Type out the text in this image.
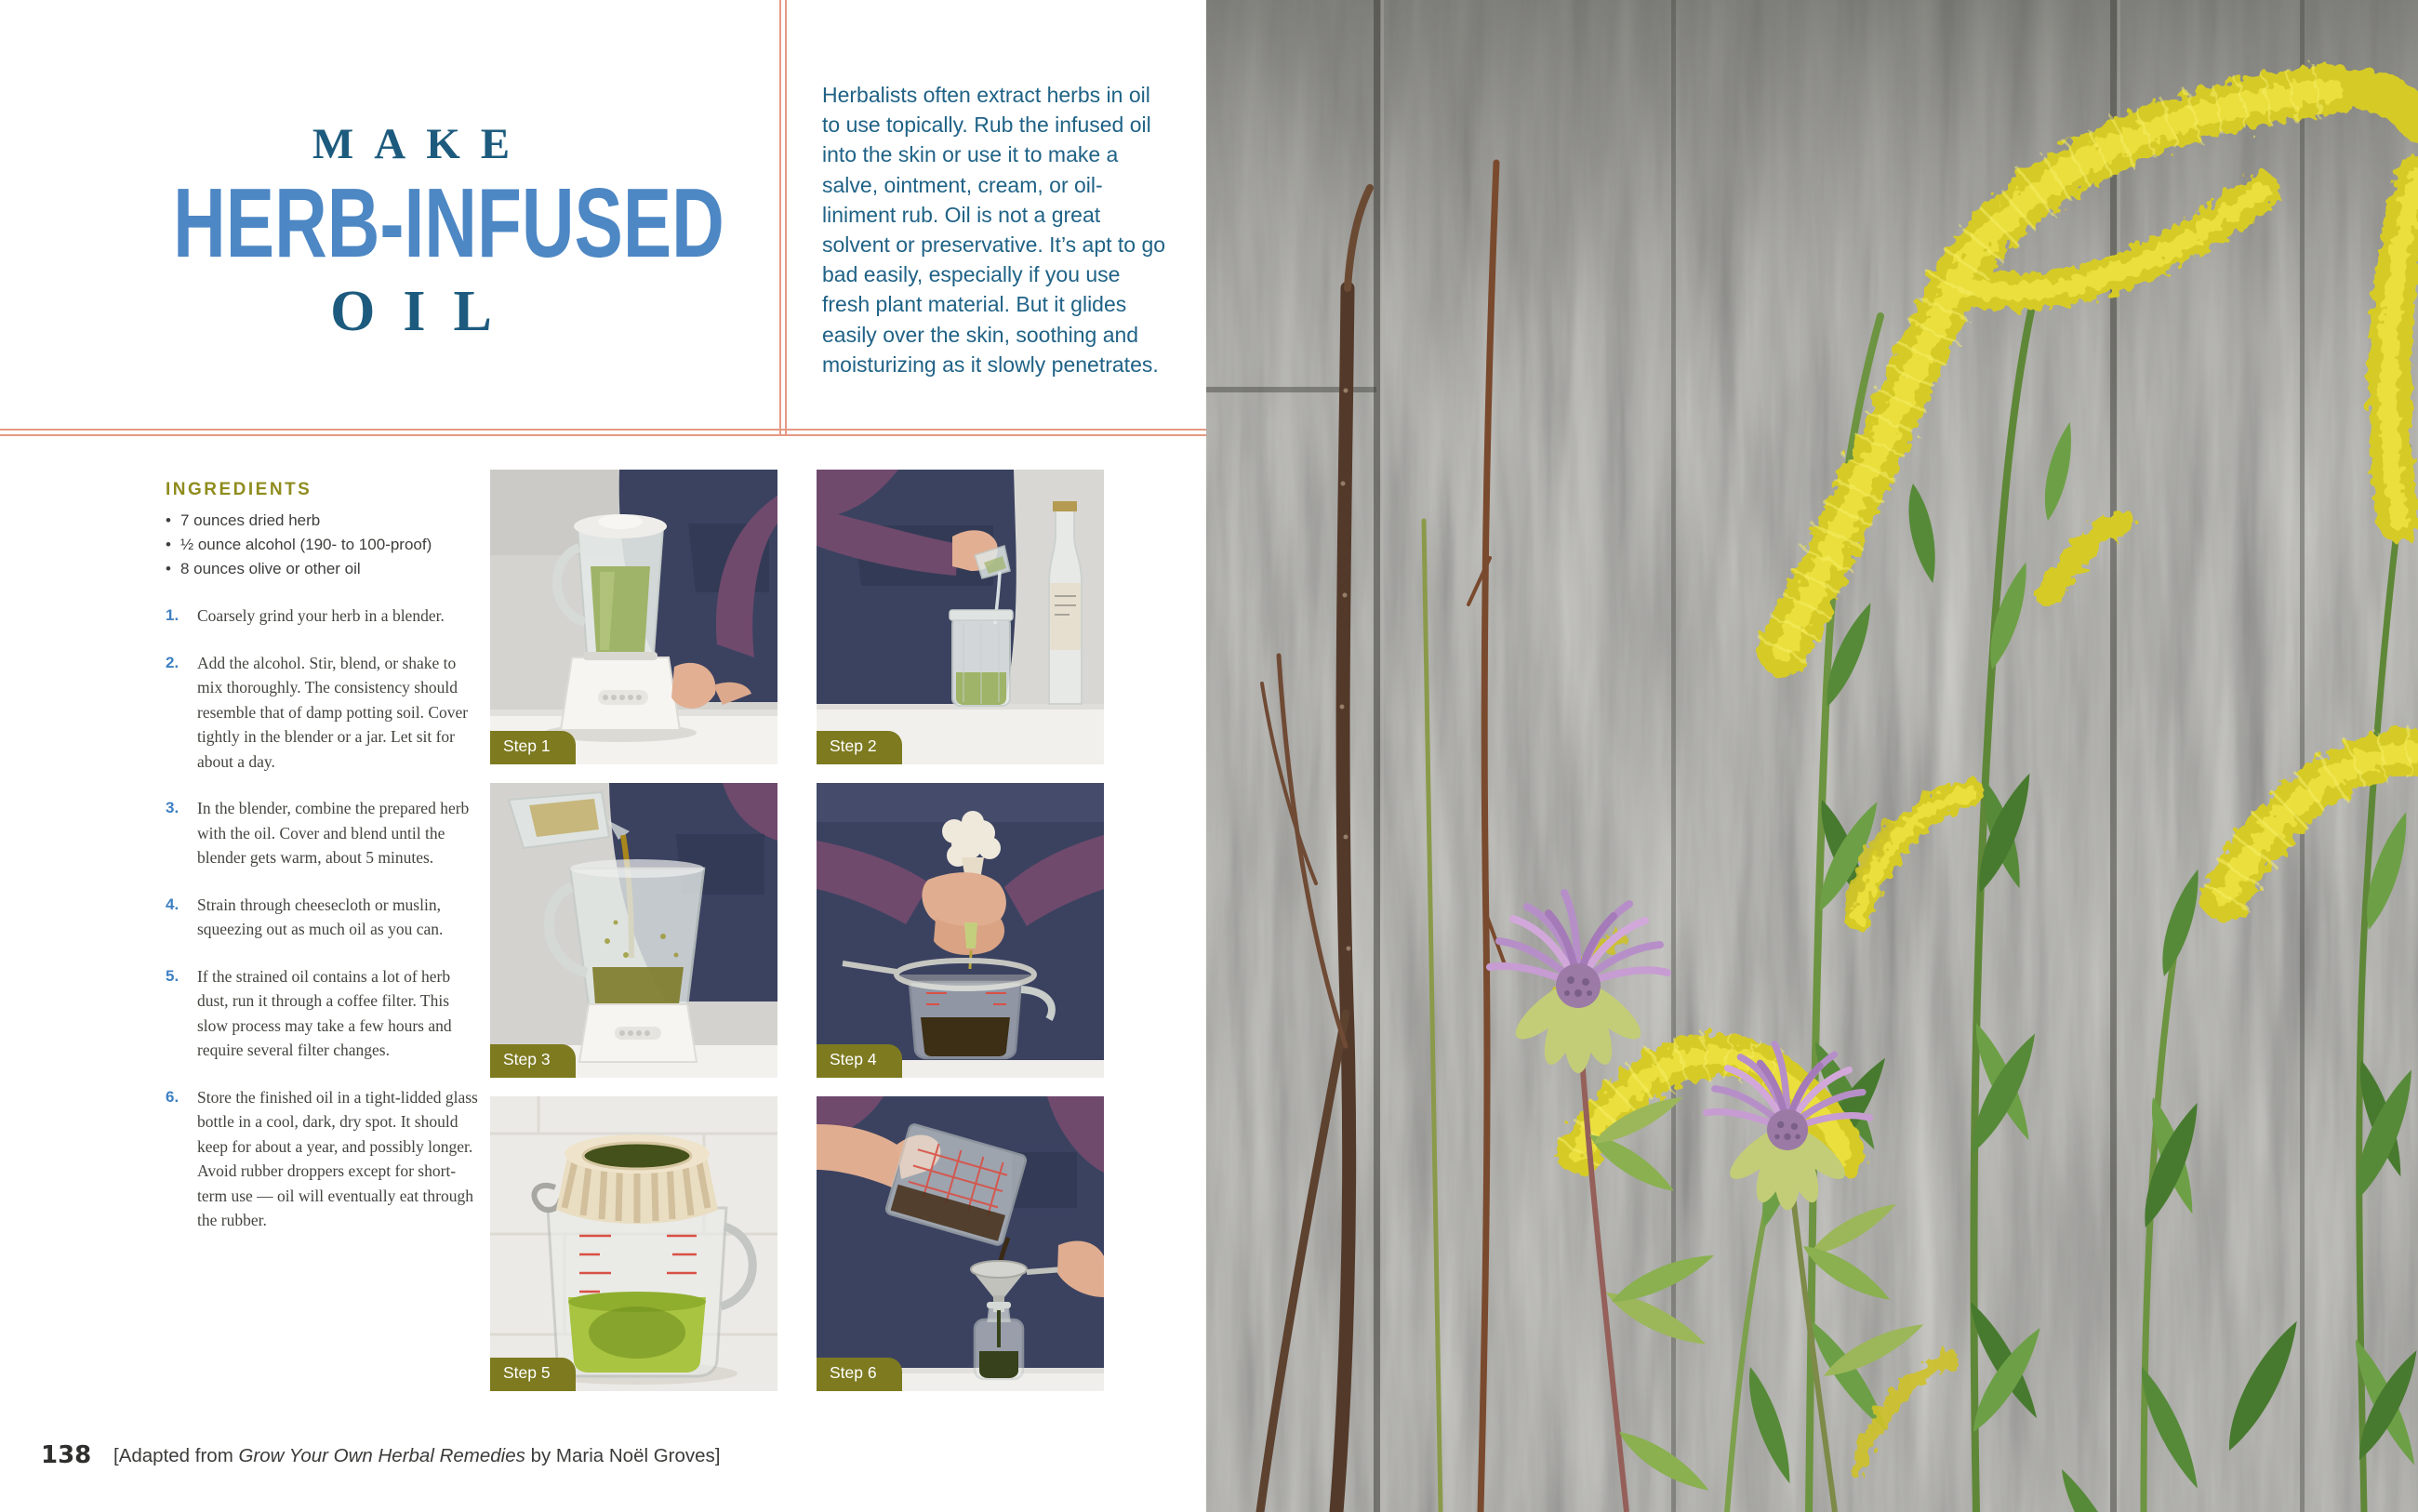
MAKE
HERB-INFUSED
OIL
Herbalists often extract herbs in oil to use topically. Rub the infused oil into the skin or use it to make a salve, ointment, cream, or oil-liniment rub. Oil is not a great solvent or preservative. It’s apt to go bad easily, especially if you use fresh plant material. But it glides easily over the skin, soothing and moisturizing as it slowly penetrates.
INGREDIENTS
• 7 ounces dried herb
• ½ ounce alcohol (190- to 100-proof)
• 8 ounces olive or other oil
1.	Coarsely grind your herb in a blender.
2.	Add the alcohol. Stir, blend, or shake to mix thoroughly. The consistency should resemble that of damp potting soil. Cover tightly in the blender or a jar. Let sit for about a day.
3.	In the blender, combine the prepared herb with the oil. Cover and blend until the blender gets warm, about 5 minutes.
4.	Strain through cheesecloth or muslin, squeezing out as much oil as you can.
5.	If the strained oil contains a lot of herb dust, run it through a coffee filter. This slow process may take a few hours and require several filter changes.
6.	Store the finished oil in a tight-lidded glass bottle in a cool, dark, dry spot. It should keep for about a year, and possibly longer. Avoid rubber droppers except for short-term use — oil will eventually eat through the rubber.
Step 1	Step 2
Step 3	Step 4
Step 5	Step 6
138 [Adapted from Grow Your Own Herbal Remedies by Maria Noël Groves]
